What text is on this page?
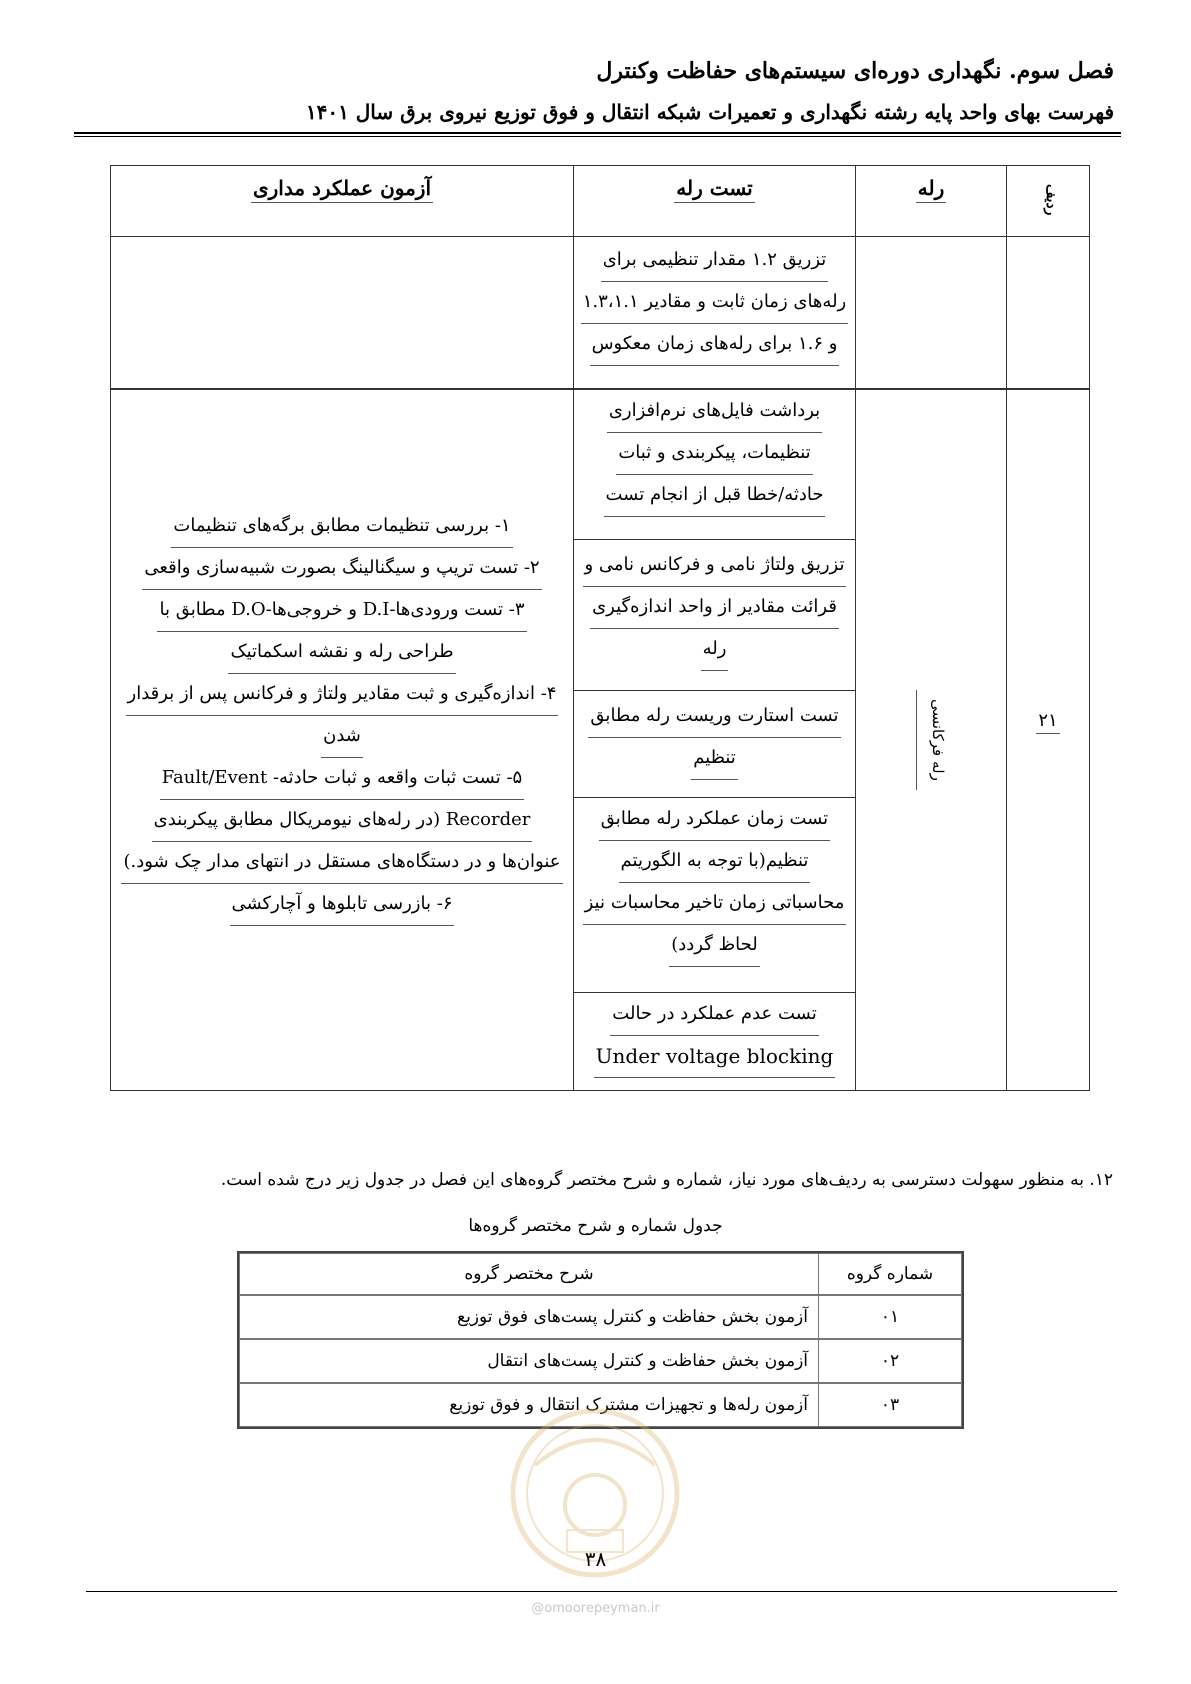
فصل سوم. نگهداری دوره‌ای سیستم‌های حفاظت وکنترل
فهرست بهای واحد پایه رشته نگهداری و تعمیرات شبکه انتقال و فوق توزیع نیروی برق سال ۱۴۰۱
ردیف
رله
تست رله
آزمون عملکرد مداری
تزریق ۱.۲ مقدار تنظیمی برای
رله‌های زمان ثابت و مقادیر ۱.۳،۱.۱
و ۱.۶ برای رله‌های زمان معکوس
۲۱
رله فرکانسی
۱- بررسی تنظیمات مطابق برگه‌های تنظیمات
۲- تست تریپ و سیگنالینگ بصورت شبیه‌سازی واقعی
۳- تست ورودی‌ها-D.I و خروجی‌ها-D.O مطابق با
طراحی رله و نقشه اسکماتیک
۴- اندازه‌گیری و ثبت مقادیر ولتاژ و فرکانس پس از برقدار
شدن
۵- تست ثبات واقعه و ثبات حادثه- Fault/Event
Recorder (در رله‌های نیومریکال مطابق پیکربندی
عنوان‌ها و در دستگاه‌های مستقل در انتهای مدار چک شود.)
۶- بازرسی تابلوها و آچارکشی
برداشت فایل‌های نرم‌افزاری
تنظیمات، پیکربندی و ثبات
حادثه/خطا قبل از انجام تست
تزریق ولتاژ نامی و فرکانس نامی و
قرائت مقادیر از واحد اندازه‌گیری
رله
تست استارت وریست رله مطابق
تنظیم
تست زمان عملکرد رله مطابق
تنظیم(با توجه به الگوریتم
محاسباتی زمان تاخیر محاسبات نیز
لحاظ گردد)
تست عدم عملکرد در حالت
Under voltage blocking
۱۲. به منظور سهولت دسترسی به ردیف‌های مورد نیاز، شماره و شرح مختصر گروه‌های این فصل در جدول زیر درج شده است.
جدول شماره و شرح مختصر گروه‌ها
شماره گروه
شرح مختصر گروه
۰۱
آزمون بخش حفاظت و کنترل پست‌های فوق توزیع
۰۲
آزمون بخش حفاظت و کنترل پست‌های انتقال
۰۳
آزمون رله‌ها و تجهیزات مشترک انتقال و فوق توزیع
۳۸
@omoorepeyman.ir
